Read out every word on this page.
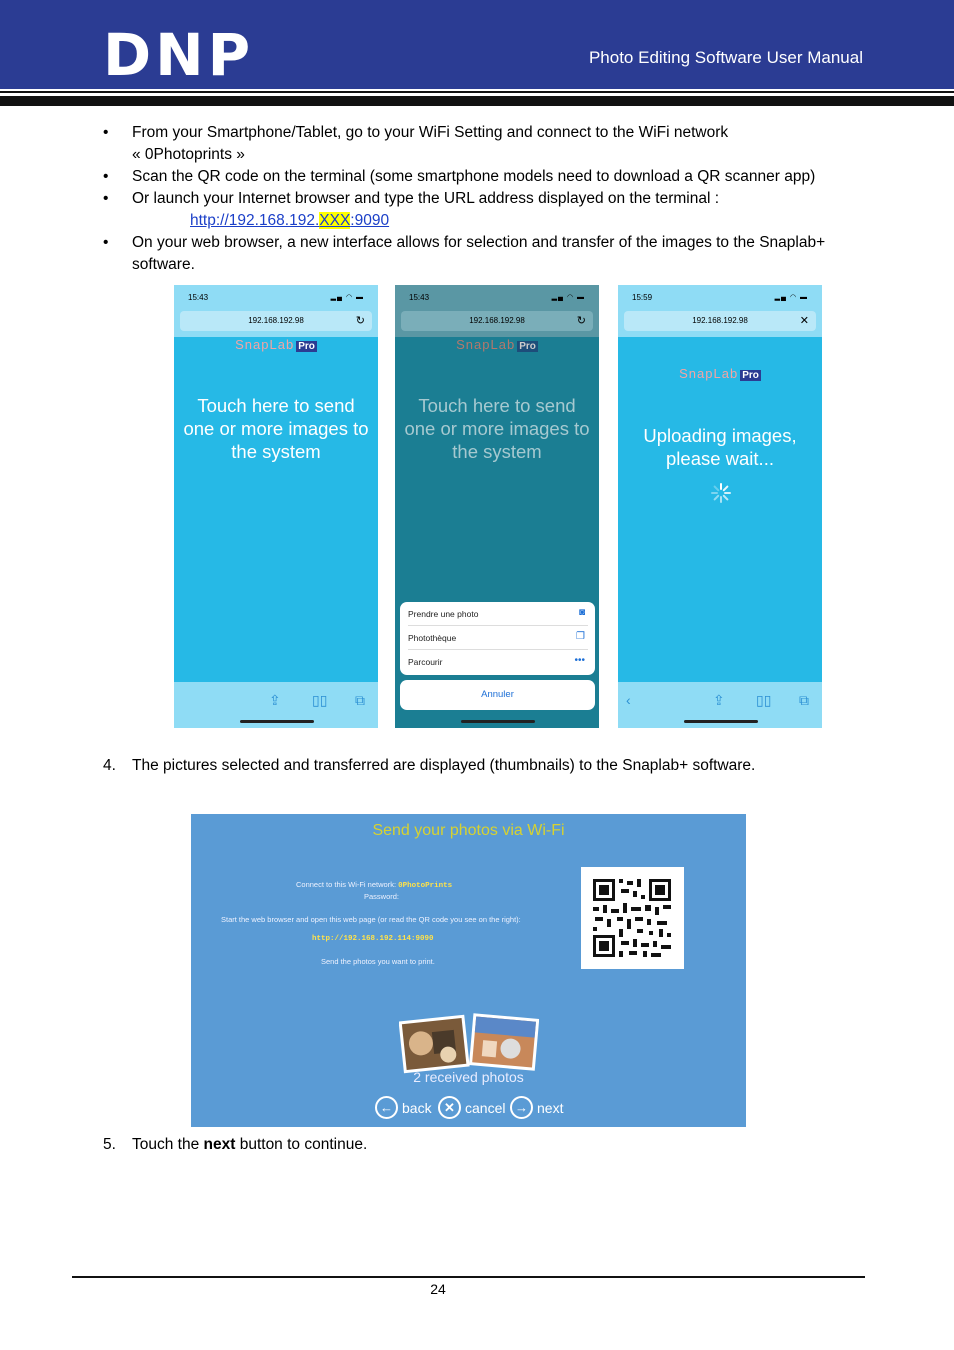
DNP	Photo Editing Software User Manual
• From your Smartphone/Tablet, go to your WiFi Setting and connect to the WiFi network
« 0Photoprints »
• Scan the QR code on the terminal (some smartphone models need to download a QR scanner app)
• Or launch your Internet browser and type the URL address displayed on the terminal :
http://192.168.192.XXX:9090
• On your web browser, a new interface allows for selection and transfer of the images to the Snaplab+
software.
15:43	▂▄ ◠ ▬
192.168.192.98	↻
SnapLab Pro
Touch here to send
one or more images to
the system
⇪ ▯▯ ⧉
15:43	▂▄ ◠ ▬
192.168.192.98	↻
SnapLab Pro
Touch here to send
one or more images to
the system
Prendre une photo	◙
Photothèque	❐
Parcourir	•••
Annuler
15:59	▂▄ ◠ ▬
192.168.192.98	✕
SnapLab Pro
Uploading images,
please wait...
‹	⇪ ▯▯ ⧉
4. The pictures selected and transferred are displayed (thumbnails) to the Snaplab+ software.
Send your photos via Wi-Fi
Connect to this Wi-Fi network: 0PhotoPrints
Password:
Start the web browser and open this web page (or read the QR code you see on the right):
http://192.168.192.114:9090
Send the photos you want to print.
2 received photos
← back ✕ cancel → next
5. Touch the next button to continue.
24
